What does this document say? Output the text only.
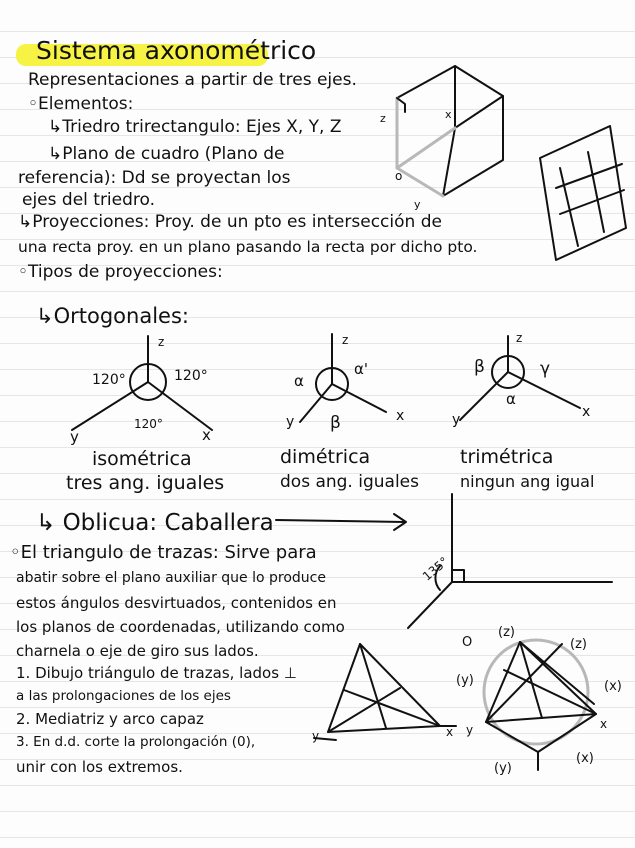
Sistema axonométrico
Representaciones a partir de tres ejes.
◦Elementos:
↳Triedro trirectangulo: Ejes X, Y, Z
↳Plano de cuadro (Plano de
referencia): Dd se proyectan los
ejes del triedro.
↳Proyecciones: Proy. de un pto es intersección de
una recta proy. en un plano pasando la recta por dicho pto.
◦Tipos de proyecciones:
↳Ortogonales:
isométrica
tres ang. iguales
dimétrica
dos ang. iguales
trimétrica
ningun ang igual
↳ Oblicua: Caballera
◦El triangulo de trazas: Sirve para
abatir sobre el plano auxiliar que lo produce
estos ángulos desvirtuados, contenidos en
los planos de coordenadas, utilizando como
charnela o eje de giro sus lados.
1. Dibujo triángulo de trazas, lados ⊥
a las prolongaciones de los ejes
2. Mediatriz y arco capaz
3. En d.d. corte la prolongación (0),
unir con los extremos.
z	x
y
o
z
120°	120°
120°
y	x
z
α
α'
β
y	x
z
β	γ
α
y	x
135°
y	x
O
(z)
(z)
(y)	(x)
y	x
(y)
(x)
